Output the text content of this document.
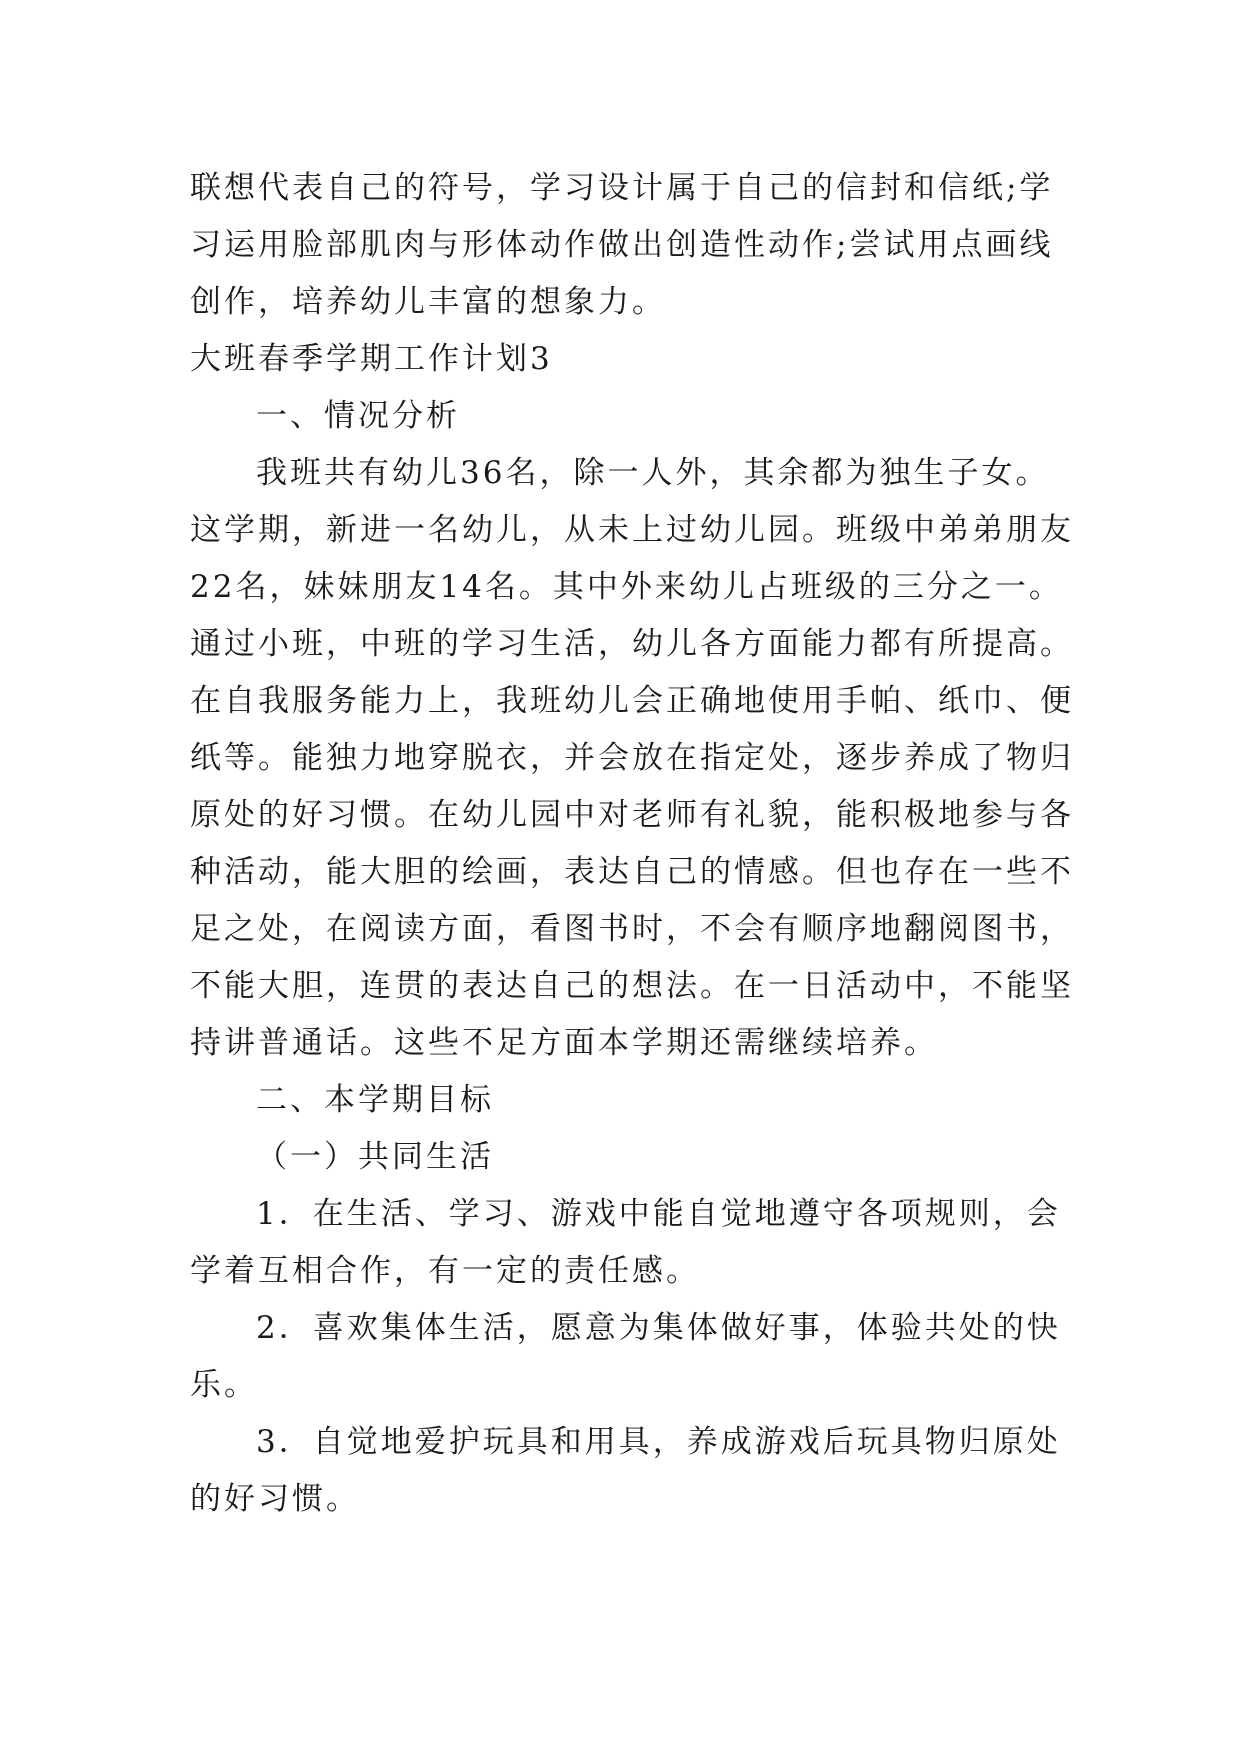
联想代表自己的符号，学习设计属于自己的信封和信纸;学
习运用脸部肌肉与形体动作做出创造性动作;尝试用点画线
创作，培养幼儿丰富的想象力。
大班春季学期工作计划3
一、情况分析
我班共有幼儿36名，除一人外，其余都为独生子女。
这学期，新进一名幼儿，从未上过幼儿园。班级中弟弟朋友
22名，妹妹朋友14名。其中外来幼儿占班级的三分之一。
通过小班，中班的学习生活，幼儿各方面能力都有所提高。
在自我服务能力上，我班幼儿会正确地使用手帕、纸巾、便
纸等。能独力地穿脱衣，并会放在指定处，逐步养成了物归
原处的好习惯。在幼儿园中对老师有礼貌，能积极地参与各
种活动，能大胆的绘画，表达自己的情感。但也存在一些不
足之处，在阅读方面，看图书时，不会有顺序地翻阅图书，
不能大胆，连贯的表达自己的想法。在一日活动中，不能坚
持讲普通话。这些不足方面本学期还需继续培养。
二、本学期目标
（一）共同生活
1．在生活、学习、游戏中能自觉地遵守各项规则，会
学着互相合作，有一定的责任感。
2．喜欢集体生活，愿意为集体做好事，体验共处的快
乐。
3．自觉地爱护玩具和用具，养成游戏后玩具物归原处
的好习惯。
